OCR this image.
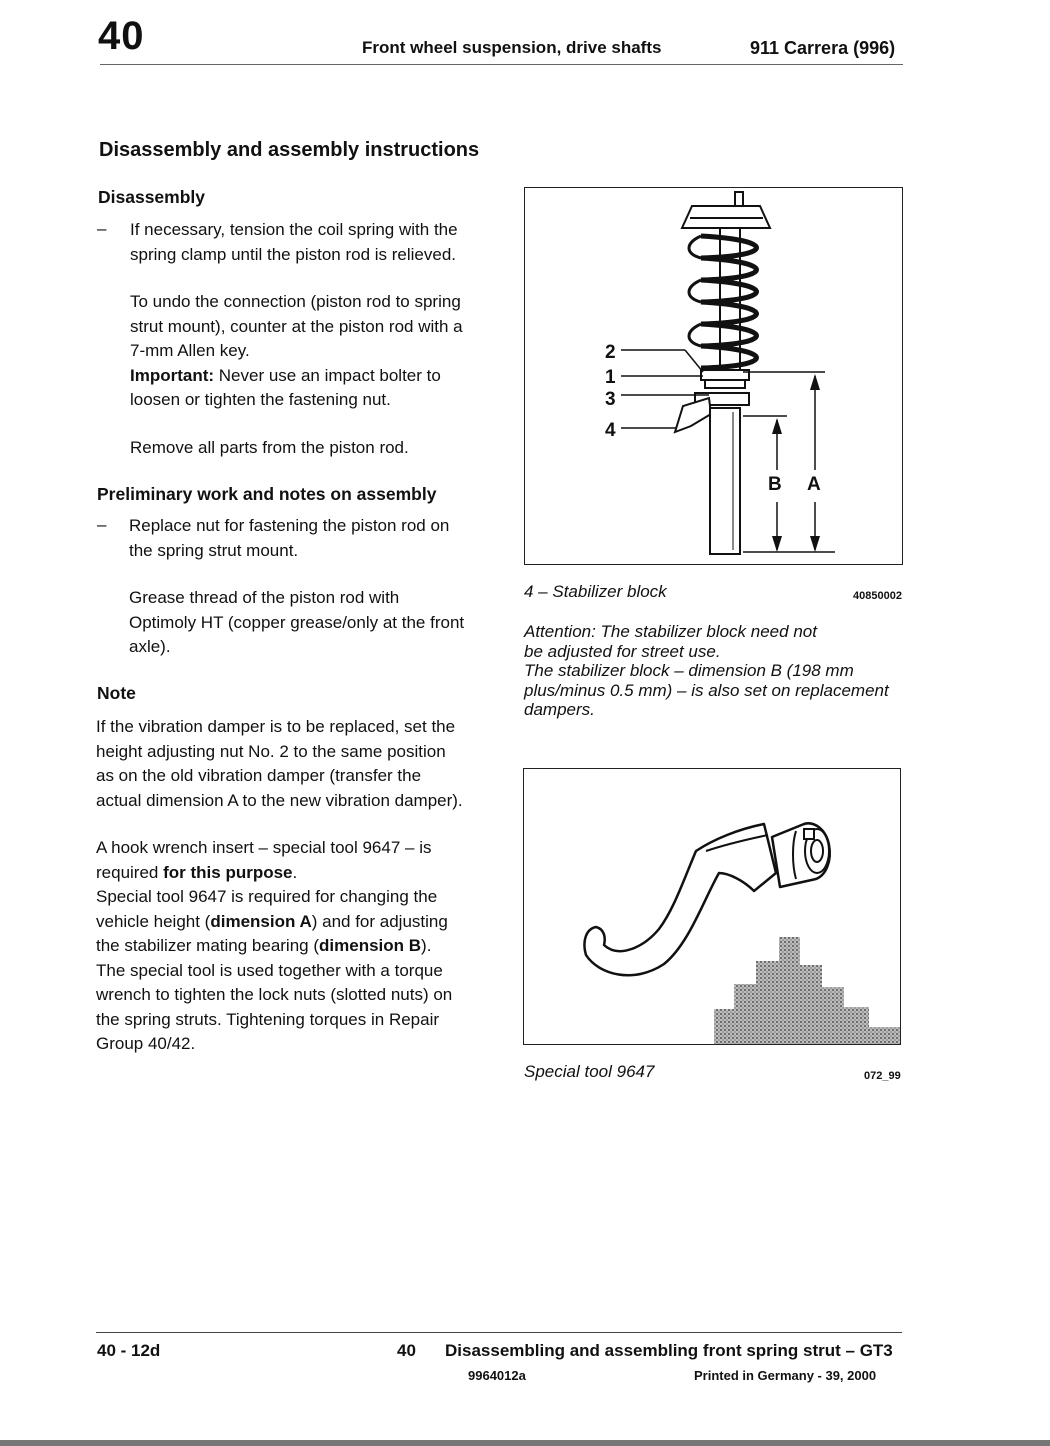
40	Front wheel suspension, drive shafts	911 Carrera (996)
Disassembly and assembly instructions
Disassembly
– If necessary, tension the coil spring with the
spring clamp until the piston rod is relieved.
To undo the connection (piston rod to spring
strut mount), counter at the piston rod with a
7-mm Allen key.
Important: Never use an impact bolter to
loosen or tighten the fastening nut.
Remove all parts from the piston rod.
Preliminary work and notes on assembly
– Replace nut for fastening the piston rod on
the spring strut mount.
Grease thread of the piston rod with
Optimoly HT (copper grease/only at the front
axle).
Note
If the vibration damper is to be replaced, set the
height adjusting nut No. 2 to the same position
as on the old vibration damper (transfer the
actual dimension A to the new vibration damper).
A hook wrench insert – special tool 9647 – is
required for this purpose.
Special tool 9647 is required for changing the
vehicle height (dimension A) and for adjusting
the stabilizer mating bearing (dimension B).
The special tool is used together with a torque
wrench to tighten the lock nuts (slotted nuts) on
the spring struts. Tightening torques in Repair
Group 40/42.
2
1
3
4
B A
4 – Stabilizer block	40850002
Attention: The stabilizer block need not
be adjusted for street use.
The stabilizer block – dimension B (198 mm
plus/minus 0.5 mm) – is also set on replacement
dampers.
Special tool 9647	072_99
40 - 12d	40 Disassembling and assembling front spring strut – GT3
9964012a	Printed in Germany - 39, 2000
